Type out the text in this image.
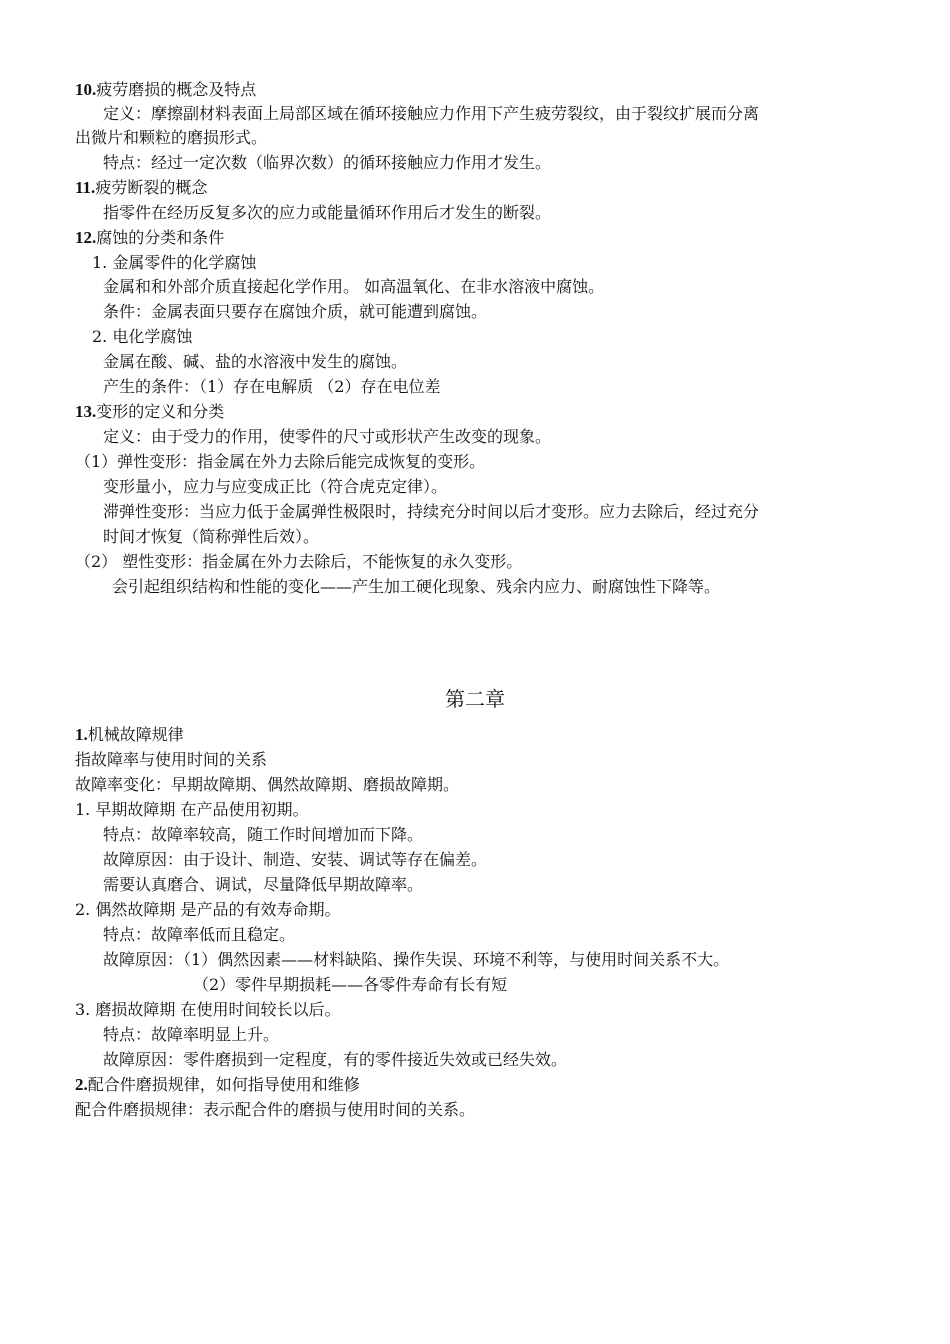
10.疲劳磨损的概念及特点
定义：摩擦副材料表面上局部区域在循环接触应力作用下产生疲劳裂纹，由于裂纹扩展而分离
出微片和颗粒的磨损形式。
特点：经过一定次数（临界次数）的循环接触应力作用才发生。
11.疲劳断裂的概念
指零件在经历反复多次的应力或能量循环作用后才发生的断裂。
12.腐蚀的分类和条件
1. 金属零件的化学腐蚀
金属和和外部介质直接起化学作用。 如高温氧化、在非水溶液中腐蚀。
条件：金属表面只要存在腐蚀介质，就可能遭到腐蚀。
2. 电化学腐蚀
金属在酸、碱、盐的水溶液中发生的腐蚀。
产生的条件：（1）存在电解质 （2）存在电位差
13.变形的定义和分类
定义：由于受力的作用，使零件的尺寸或形状产生改变的现象。
（1）弹性变形：指金属在外力去除后能完成恢复的变形。
变形量小，应力与应变成正比（符合虎克定律）。
滞弹性变形：当应力低于金属弹性极限时，持续充分时间以后才变形。应力去除后，经过充分
时间才恢复（简称弹性后效）。
（2） 塑性变形：指金属在外力去除后，不能恢复的永久变形。
会引起组织结构和性能的变化——产生加工硬化现象、残余内应力、耐腐蚀性下降等。
第二章
1.机械故障规律
指故障率与使用时间的关系
故障率变化：早期故障期、偶然故障期、磨损故障期。
1. 早期故障期 在产品使用初期。
特点：故障率较高，随工作时间增加而下降。
故障原因：由于设计、制造、安装、调试等存在偏差。
需要认真磨合、调试，尽量降低早期故障率。
2. 偶然故障期 是产品的有效寿命期。
特点：故障率低而且稳定。
故障原因：（1）偶然因素——材料缺陷、操作失误、环境不利等，与使用时间关系不大。
（2）零件早期损耗——各零件寿命有长有短
3. 磨损故障期 在使用时间较长以后。
特点：故障率明显上升。
故障原因：零件磨损到一定程度，有的零件接近失效或已经失效。
2.配合件磨损规律，如何指导使用和维修
配合件磨损规律：表示配合件的磨损与使用时间的关系。
